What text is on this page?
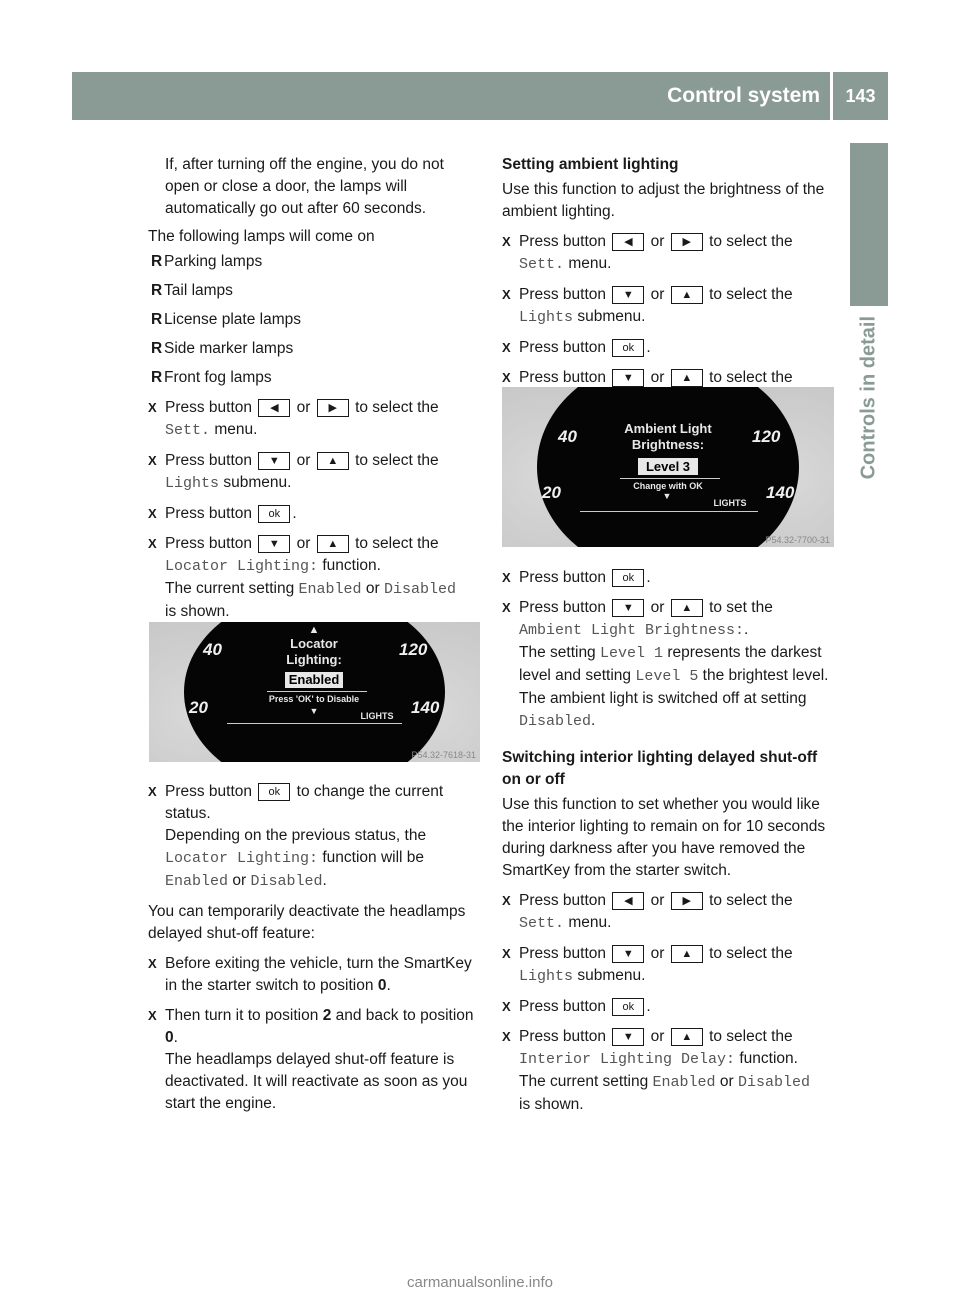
Control system	143
Controls in detail

If, after turning off the engine, you do not open or close a door, the lamps will automatically go out after 60 seconds.

The following lamps will come on

R Parking lamps

R Tail lamps

R License plate lamps

R Side marker lamps

R Front fog lamps

X Press button ◀ or ▶ to select the
Sett. menu.

X Press button ▼ or ▲ to select the
Lights submenu.

X Press button ok .

X Press button ▼ or ▲ to select the
Locator Lighting: function.
The current setting Enabled or Disabled
is shown.

40
20
120
140
▲
Locator
Lighting:
Enabled
Press 'OK' to Disable
▼	LIGHTS
P54.32-7618-31

X Press button ok to change the current status.
Depending on the previous status, the
Locator Lighting: function will be
Enabled or Disabled.

You can temporarily deactivate the headlamps delayed shut-off feature:

X Before exiting the vehicle, turn the SmartKey in the starter switch to position 0.

X Then turn it to position 2 and back to position 0.
The headlamps delayed shut-off feature is deactivated. It will reactivate as soon as you start the engine.

Setting ambient lighting

Use this function to adjust the brightness of the ambient lighting.

X Press button ◀ or ▶ to select the
Sett. menu.

X Press button ▼ or ▲ to select the
Lights submenu.

X Press button ok .

X Press button ▼ or ▲ to select the

40
20
120
140
Ambient Light
Brightness:
Level 3
Change with OK
▼
LIGHTS
P54.32-7700-31

X Press button ok .

X Press button ▼ or ▲ to set the
Ambient Light Brightness:.
The setting Level 1 represents the darkest level and setting Level 5 the brightest level. The ambient light is switched off at setting Disabled.

Switching interior lighting delayed shut-off on or off

Use this function to set whether you would like the interior lighting to remain on for 10 seconds during darkness after you have removed the SmartKey from the starter switch.

X Press button ◀ or ▶ to select the
Sett. menu.

X Press button ▼ or ▲ to select the
Lights submenu.

X Press button ok .

X Press button ▼ or ▲ to select the
Interior Lighting Delay: function.
The current setting Enabled or Disabled
is shown.

carmanualsonline.info
